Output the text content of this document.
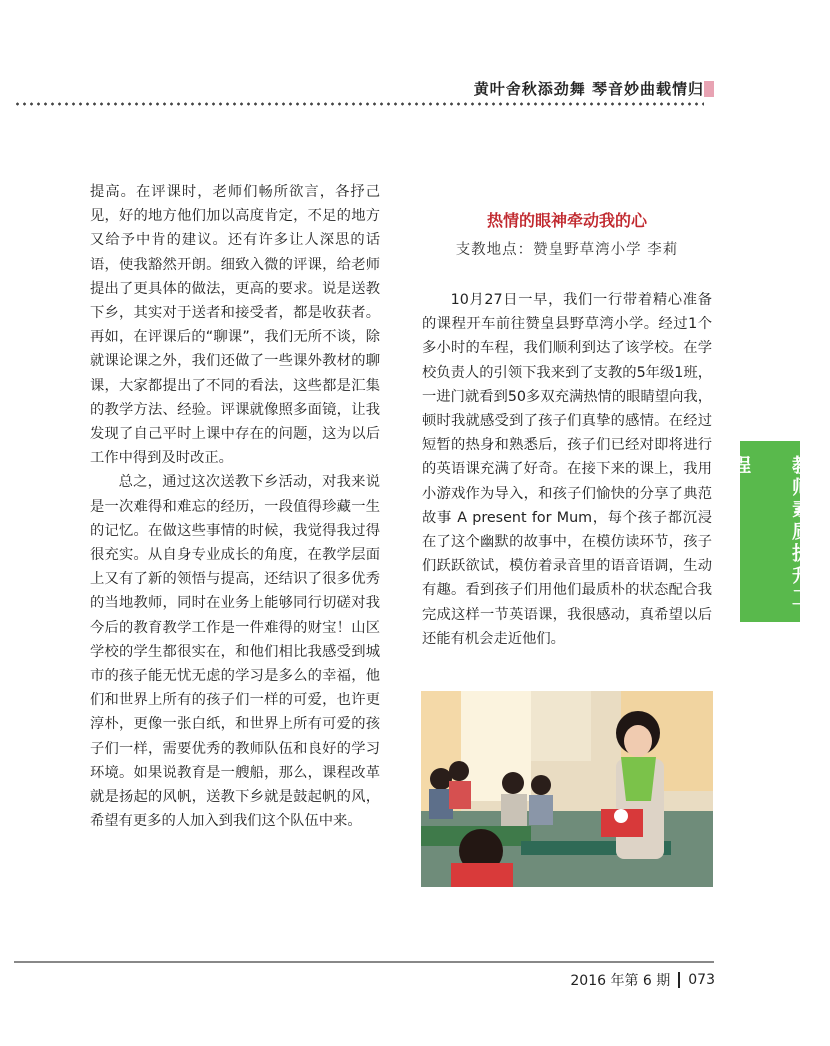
黄叶舍秋添劲舞 琴音妙曲载情归

提高。在评课时，老师们畅所欲言，各抒己见，好的地方他们加以高度肯定，不足的地方又给予中肯的建议。还有许多让人深思的话语，使我豁然开朗。细致入微的评课，给老师提出了更具体的做法，更高的要求。说是送教下乡，其实对于送者和接受者，都是收获者。再如，在评课后的“聊课”，我们无所不谈，除就课论课之外，我们还做了一些课外教材的聊课，大家都提出了不同的看法，这些都是汇集的教学方法、经验。评课就像照多面镜，让我发现了自己平时上课中存在的问题，这为以后工作中得到及时改正。

总之，通过这次送教下乡活动，对我来说是一次难得和难忘的经历，一段值得珍藏一生的记忆。在做这些事情的时候，我觉得我过得很充实。从自身专业成长的角度，在教学层面上又有了新的领悟与提高，还结识了很多优秀的当地教师，同时在业务上能够同行切磋对我今后的教育教学工作是一件难得的财宝！山区学校的学生都很实在，和他们相比我感受到城市的孩子能无忧无虑的学习是多么的幸福，他们和世界上所有的孩子们一样的可爱，也许更淳朴，更像一张白纸，和世界上所有可爱的孩子们一样，需要优秀的教师队伍和良好的学习环境。如果说教育是一艘船，那么，课程改革就是扬起的风帆，送教下乡就是鼓起帆的风，希望有更多的人加入到我们这个队伍中来。

热情的眼神牵动我的心
支教地点：赞皇野草湾小学 李莉

10月27日一早，我们一行带着精心准备的课程开车前往赞皇县野草湾小学。经过1个多小时的车程，我们顺利到达了该学校。在学校负责人的引领下我来到了支教的5年级1班，一进门就看到50多双充满热情的眼睛望向我，顿时我就感受到了孩子们真挚的感情。在经过短暂的热身和熟悉后，孩子们已经对即将进行的英语课充满了好奇。在接下来的课上，我用小游戏作为导入，和孩子们愉快的分享了典范故事 A present for Mum，每个孩子都沉浸在了这个幽默的故事中，在模仿读环节，孩子们跃跃欲试，模仿着录音里的语音语调，生动有趣。看到孩子们用他们最质朴的状态配合我完成这样一节英语课，我很感动，真希望以后还能有机会走近他们。

教师素质提升工程
2016 年第 6 期 073
